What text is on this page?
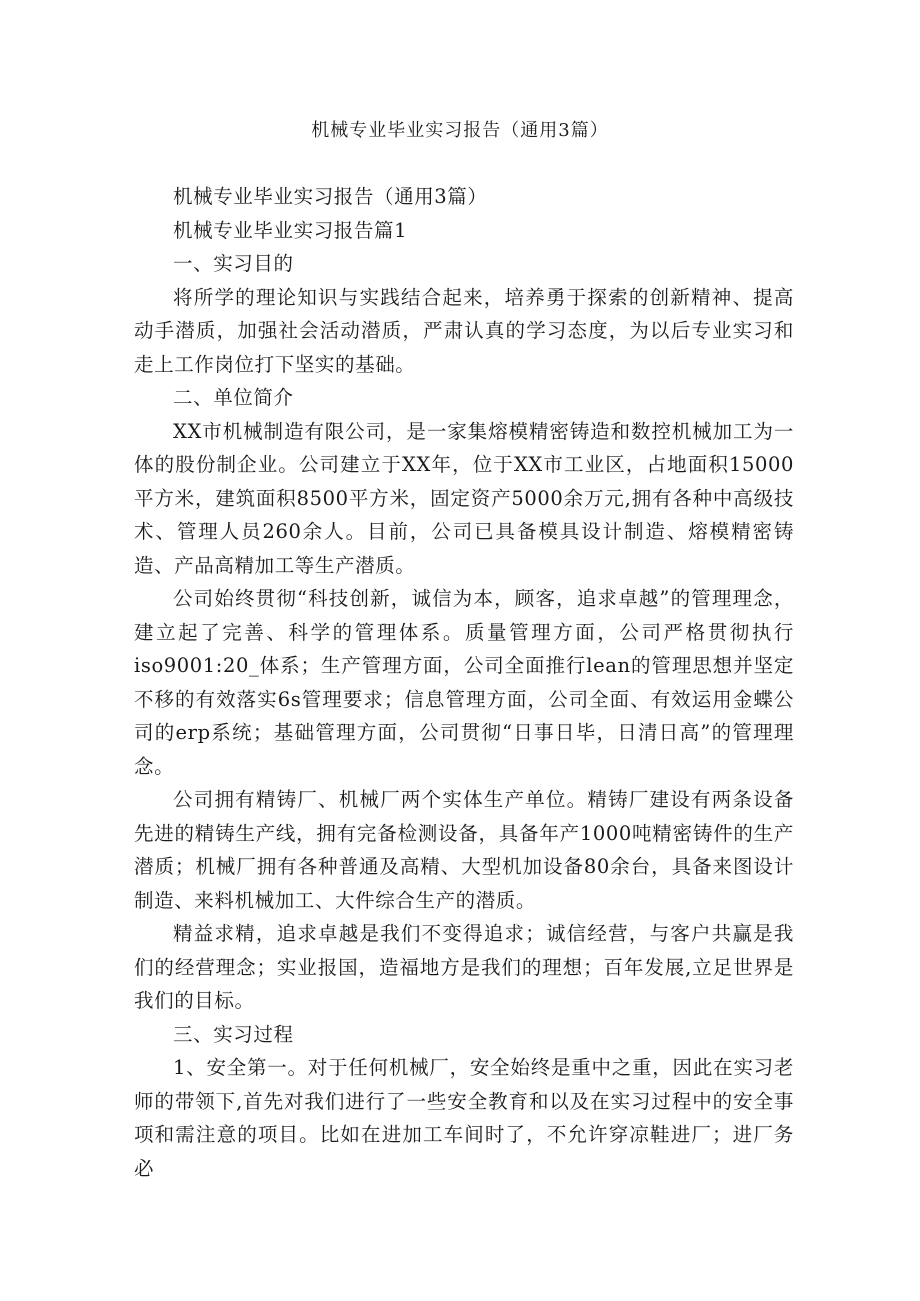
机械专业毕业实习报告（通用3篇）

机械专业毕业实习报告（通用3篇）

机械专业毕业实习报告篇1

一、实习目的

将所学的理论知识与实践结合起来，培养勇于探索的创新精神、提高动手潜质，加强社会活动潜质，严肃认真的学习态度，为以后专业实习和走上工作岗位打下坚实的基础。

二、单位简介

XX市机械制造有限公司，是一家集熔模精密铸造和数控机械加工为一体的股份制企业。公司建立于XX年，位于XX市工业区，占地面积15000平方米，建筑面积8500平方米，固定资产5000余万元,拥有各种中高级技术、管理人员260余人。目前，公司已具备模具设计制造、熔模精密铸造、产品高精加工等生产潜质。

公司始终贯彻“科技创新，诚信为本，顾客，追求卓越”的管理理念，建立起了完善、科学的管理体系。质量管理方面，公司严格贯彻执行iso9001:20_体系；生产管理方面，公司全面推行lean的管理思想并坚定不移的有效落实6s管理要求；信息管理方面，公司全面、有效运用金蝶公司的erp系统；基础管理方面，公司贯彻“日事日毕，日清日高”的管理理念。

公司拥有精铸厂、机械厂两个实体生产单位。精铸厂建设有两条设备先进的精铸生产线，拥有完备检测设备，具备年产1000吨精密铸件的生产潜质；机械厂拥有各种普通及高精、大型机加设备80余台，具备来图设计制造、来料机械加工、大件综合生产的潜质。

精益求精，追求卓越是我们不变得追求；诚信经营，与客户共赢是我们的经营理念；实业报国，造福地方是我们的理想；百年发展,立足世界是我们的目标。

三、实习过程

1、安全第一。对于任何机械厂，安全始终是重中之重，因此在实习老师的带领下,首先对我们进行了一些安全教育和以及在实习过程中的安全事项和需注意的项目。比如在进加工车间时了，不允许穿凉鞋进厂；进厂务必
